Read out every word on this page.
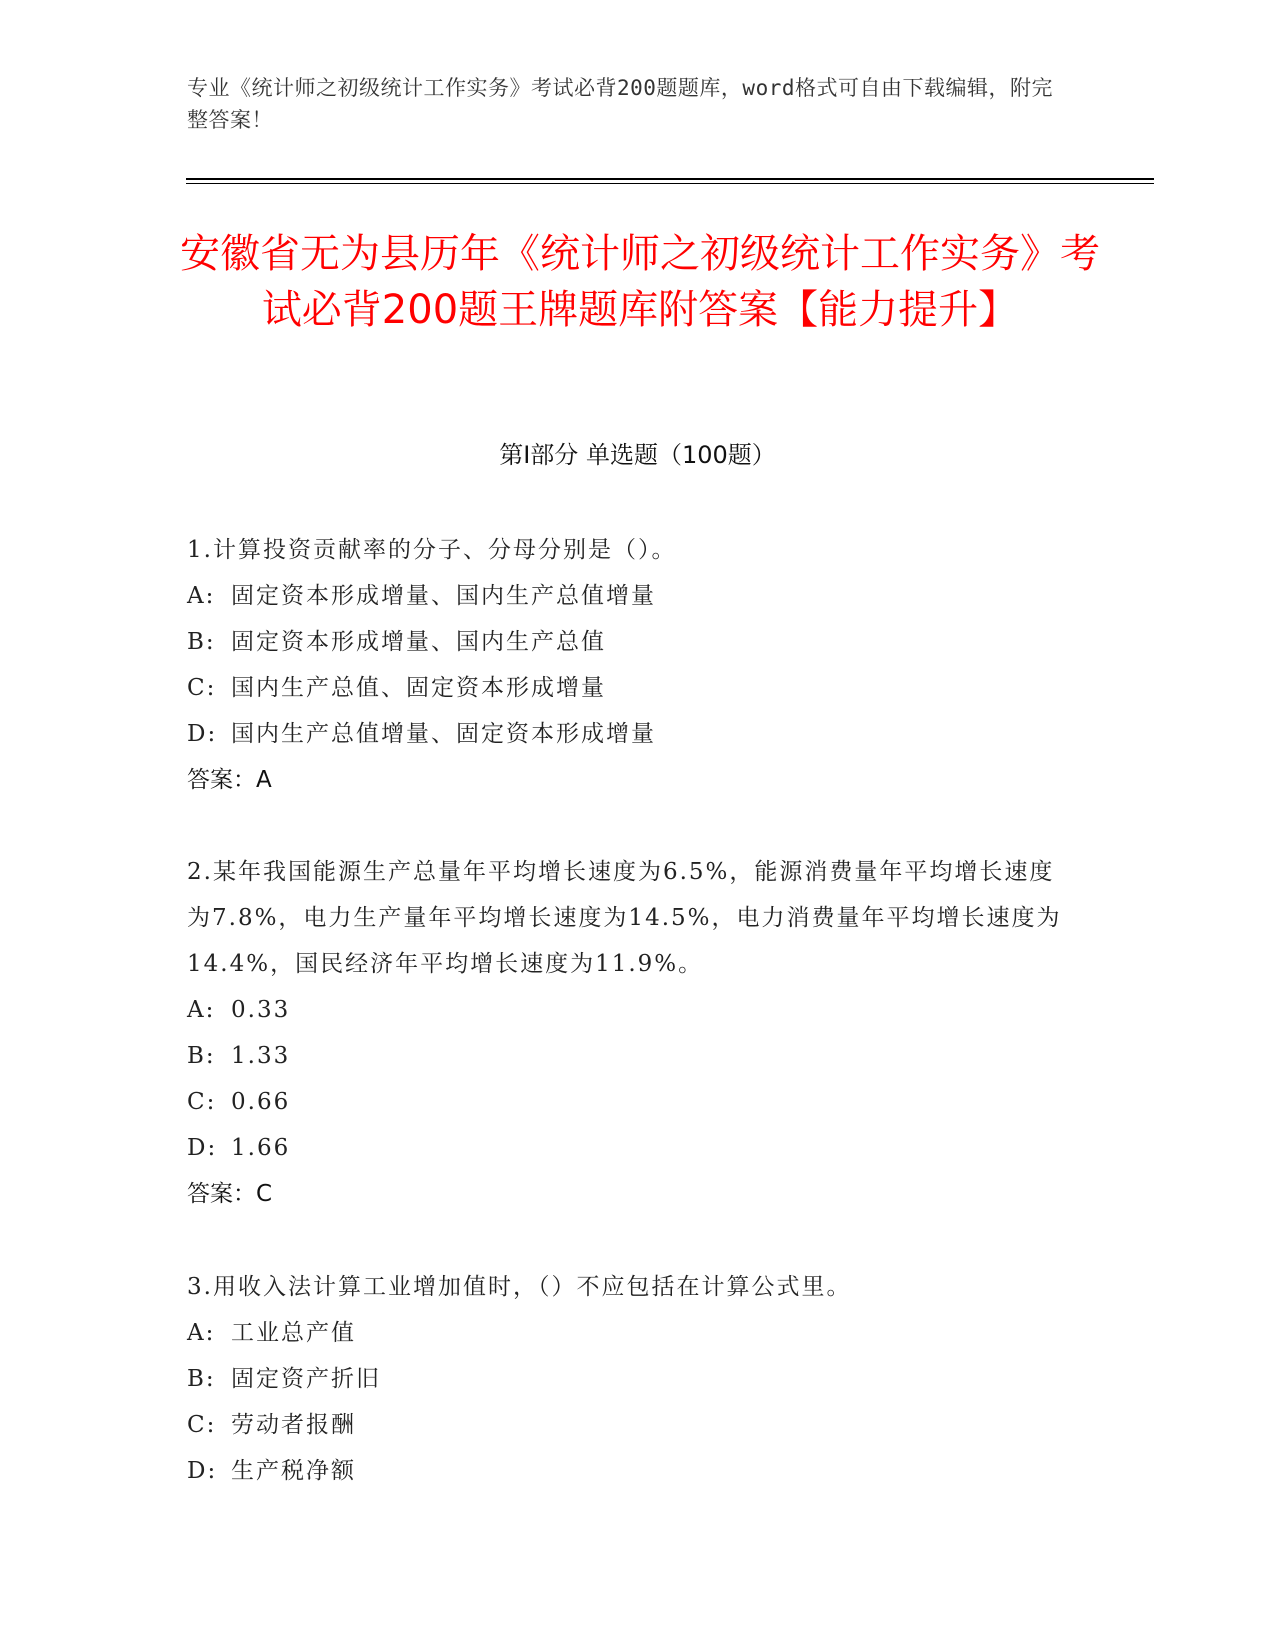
专业《统计师之初级统计工作实务》考试必背200题题库，word格式可自由下载编辑，附完整答案！
安徽省无为县历年《统计师之初级统计工作实务》考试必背200题王牌题库附答案【能力提升】
第Ⅰ部分 单选题（100题）
1.计算投资贡献率的分子、分母分别是（）。
A: 固定资本形成增量、国内生产总值增量
B: 固定资本形成增量、国内生产总值
C: 国内生产总值、固定资本形成增量
D: 国内生产总值增量、固定资本形成增量
答案：A
2.某年我国能源生产总量年平均增长速度为6.5%，能源消费量年平均增长速度为7.8%，电力生产量年平均增长速度为14.5%，电力消费量年平均增长速度为14.4%，国民经济年平均增长速度为11.9%。
A: 0.33
B: 1.33
C: 0.66
D: 1.66
答案：C
3.用收入法计算工业增加值时，（）不应包括在计算公式里。
A: 工业总产值
B: 固定资产折旧
C: 劳动者报酬
D: 生产税净额
